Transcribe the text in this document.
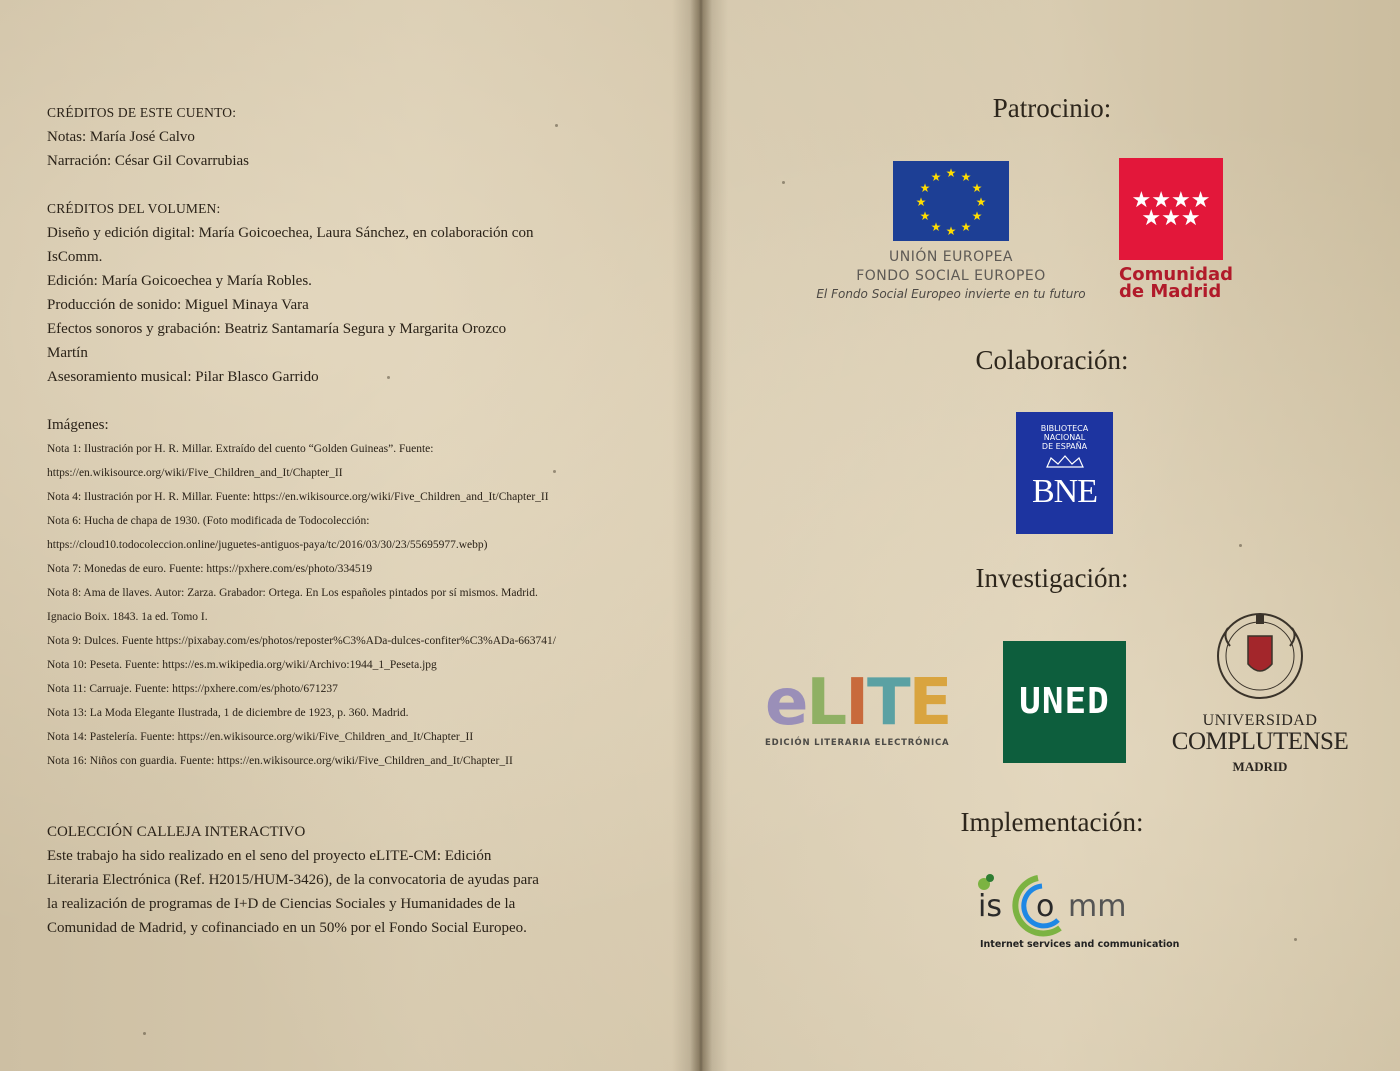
CRÉDITOS DE ESTE CUENTO:

Notas: María José Calvo

Narración: César Gil Covarrubias

CRÉDITOS DEL VOLUMEN:

Diseño y edición digital: María Goicoechea, Laura Sánchez, en colaboración con

IsComm.

Edición: María Goicoechea y María Robles.

Producción de sonido: Miguel Minaya Vara

Efectos sonoros y grabación: Beatriz Santamaría Segura y Margarita Orozco

Martín

Asesoramiento musical: Pilar Blasco Garrido

Imágenes:

Nota 1: Ilustración por H. R. Millar. Extraído del cuento “Golden Guineas”. Fuente:

https://en.wikisource.org/wiki/Five_Children_and_It/Chapter_II

Nota 4: Ilustración por H. R. Millar. Fuente: https://en.wikisource.org/wiki/Five_Children_and_It/Chapter_II

Nota 6: Hucha de chapa de 1930. (Foto modificada de Todocolección:

https://cloud10.todocoleccion.online/juguetes-antiguos-paya/tc/2016/03/30/23/55695977.webp)

Nota 7: Monedas de euro. Fuente: https://pxhere.com/es/photo/334519

Nota 8: Ama de llaves. Autor: Zarza. Grabador: Ortega. En Los españoles pintados por sí mismos. Madrid.

Ignacio Boix. 1843. 1a ed. Tomo I.

Nota 9: Dulces. Fuente https://pixabay.com/es/photos/reposter%C3%ADa-dulces-confiter%C3%ADa-663741/

Nota 10: Peseta. Fuente: https://es.m.wikipedia.org/wiki/Archivo:1944_1_Peseta.jpg

Nota 11: Carruaje. Fuente: https://pxhere.com/es/photo/671237

Nota 13: La Moda Elegante Ilustrada, 1 de diciembre de 1923, p. 360. Madrid.

Nota 14: Pastelería. Fuente: https://en.wikisource.org/wiki/Five_Children_and_It/Chapter_II

Nota 16: Niños con guardia. Fuente: https://en.wikisource.org/wiki/Five_Children_and_It/Chapter_II

COLECCIÓN CALLEJA INTERACTIVO

Este trabajo ha sido realizado en el seno del proyecto eLITE-CM: Edición

Literaria Electrónica (Ref. H2015/HUM-3426), de la convocatoria de ayudas para

la realización de programas de I+D de Ciencias Sociales y Humanidades de la

Comunidad de Madrid, y cofinanciado en un 50% por el Fondo Social Europeo.

Patrocinio:
Colaboración:
Investigación:
Implementación:
★ ★
★
★
★
★
★
★
★
★
★
★
UNIÓN EUROPEA
FONDO SOCIAL EUROPEO
El Fondo Social Europeo invierte en tu futuro
★★★★
★★★
Comunidad
de Madrid
BIBLIOTECA
NACIONAL
DE ESPAÑA
BNE
eLITE
EDICIÓN LITERARIA ELECTRÓNICA
UNED	UNIVERSIDAD
COMPLUTENSE
MADRID
is o mm
Internet services and communication
